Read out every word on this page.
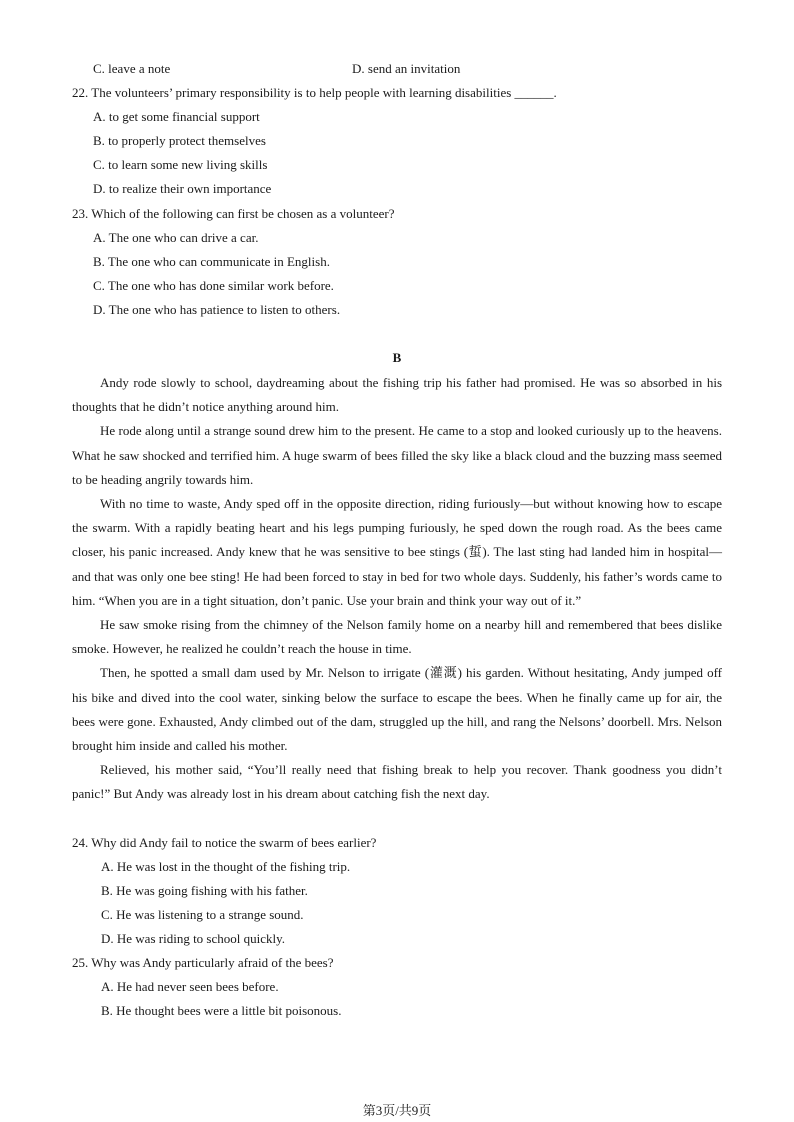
C. leave a note	D. send an invitation
22. The volunteers’ primary responsibility is to help people with learning disabilities ______.
A. to get some financial support
B. to properly protect themselves
C. to learn some new living skills
D. to realize their own importance
23. Which of the following can first be chosen as a volunteer?
A. The one who can drive a car.
B. The one who can communicate in English.
C. The one who has done similar work before.
D. The one who has patience to listen to others.
B
Andy rode slowly to school, daydreaming about the fishing trip his father had promised. He was so absorbed in his thoughts that he didn’t notice anything around him.
He rode along until a strange sound drew him to the present. He came to a stop and looked curiously up to the heavens. What he saw shocked and terrified him. A huge swarm of bees filled the sky like a black cloud and the buzzing mass seemed to be heading angrily towards him.
With no time to waste, Andy sped off in the opposite direction, riding furiously—but without knowing how to escape the swarm. With a rapidly beating heart and his legs pumping furiously, he sped down the rough road. As the bees came closer, his panic increased. Andy knew that he was sensitive to bee stings (蜇). The last sting had landed him in hospital—and that was only one bee sting! He had been forced to stay in bed for two whole days. Suddenly, his father’s words came to him. “When you are in a tight situation, don’t panic. Use your brain and think your way out of it.”
He saw smoke rising from the chimney of the Nelson family home on a nearby hill and remembered that bees dislike smoke. However, he realized he couldn’t reach the house in time.
Then, he spotted a small dam used by Mr. Nelson to irrigate (灌溉) his garden. Without hesitating, Andy jumped off his bike and dived into the cool water, sinking below the surface to escape the bees. When he finally came up for air, the bees were gone. Exhausted, Andy climbed out of the dam, struggled up the hill, and rang the Nelsons’ doorbell. Mrs. Nelson brought him inside and called his mother.
Relieved, his mother said, “You’ll really need that fishing break to help you recover. Thank goodness you didn’t panic!” But Andy was already lost in his dream about catching fish the next day.
24. Why did Andy fail to notice the swarm of bees earlier?
A. He was lost in the thought of the fishing trip.
B. He was going fishing with his father.
C. He was listening to a strange sound.
D. He was riding to school quickly.
25. Why was Andy particularly afraid of the bees?
A. He had never seen bees before.
B. He thought bees were a little bit poisonous.
第3页/共9页
